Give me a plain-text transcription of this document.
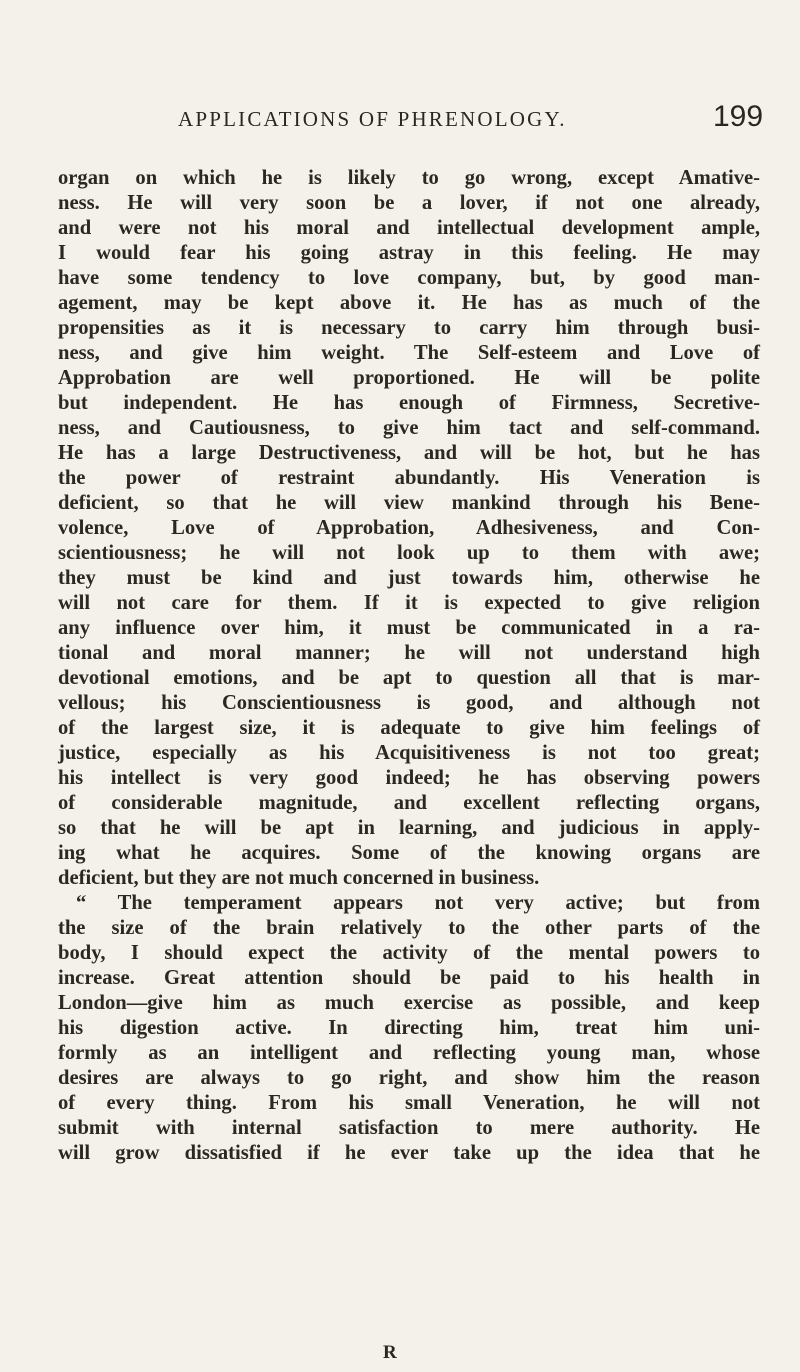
APPLICATIONS OF PHRENOLOGY.	199
organ on which he is likely to go wrong, except Amative-
ness. He will very soon be a lover, if not one already,
and were not his moral and intellectual development ample,
I would fear his going astray in this feeling. He may
have some tendency to love company, but, by good man-
agement, may be kept above it. He has as much of the
propensities as it is necessary to carry him through busi-
ness, and give him weight. The Self-esteem and Love of
Approbation are well proportioned. He will be polite
but independent. He has enough of Firmness, Secretive-
ness, and Cautiousness, to give him tact and self-command.
He has a large Destructiveness, and will be hot, but he has
the power of restraint abundantly. His Veneration is
deficient, so that he will view mankind through his Bene-
volence, Love of Approbation, Adhesiveness, and Con-
scientiousness; he will not look up to them with awe;
they must be kind and just towards him, otherwise he
will not care for them. If it is expected to give religion
any influence over him, it must be communicated in a ra-
tional and moral manner; he will not understand high
devotional emotions, and be apt to question all that is mar-
vellous; his Conscientiousness is good, and although not
of the largest size, it is adequate to give him feelings of
justice, especially as his Acquisitiveness is not too great;
his intellect is very good indeed; he has observing powers
of considerable magnitude, and excellent reflecting organs,
so that he will be apt in learning, and judicious in apply-
ing what he acquires. Some of the knowing organs are
deficient, but they are not much concerned in business.
“ The temperament appears not very active; but from
the size of the brain relatively to the other parts of the
body, I should expect the activity of the mental powers to
increase. Great attention should be paid to his health in
London—give him as much exercise as possible, and keep
his digestion active. In directing him, treat him uni-
formly as an intelligent and reflecting young man, whose
desires are always to go right, and show him the reason
of every thing. From his small Veneration, he will not
submit with internal satisfaction to mere authority. He
will grow dissatisfied if he ever take up the idea that he
R
